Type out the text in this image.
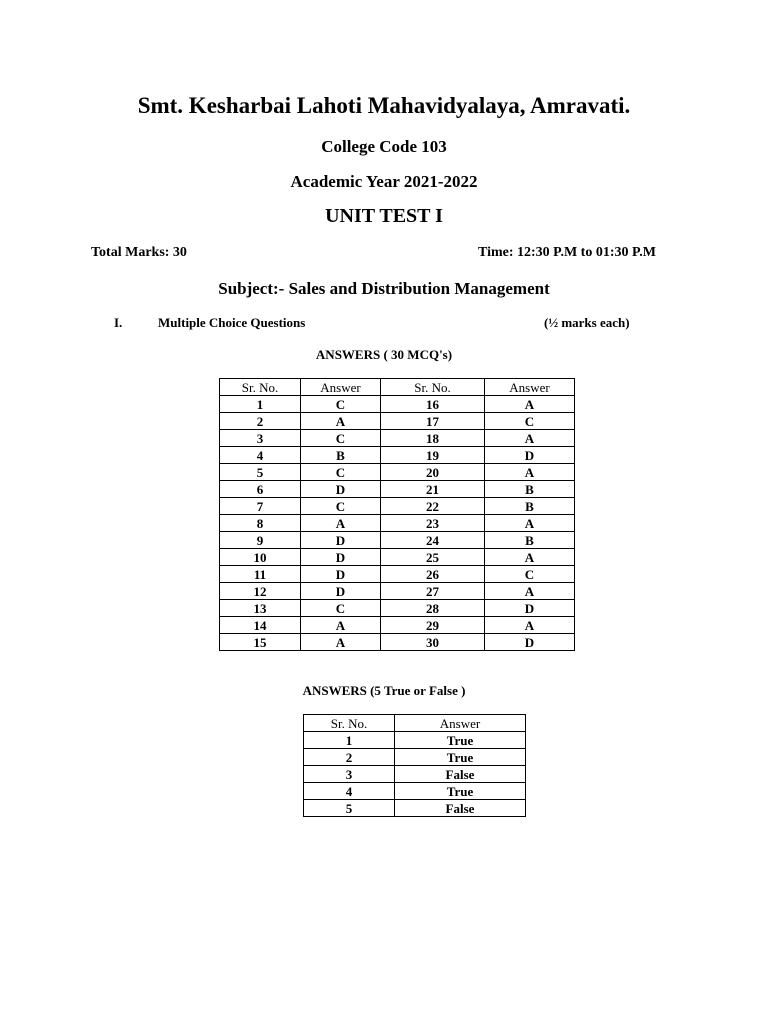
Smt. Kesharbai Lahoti Mahavidyalaya, Amravati.
College Code 103
Academic Year 2021-2022
UNIT TEST I
Total Marks: 30	Time: 12:30 P.M to 01:30 P.M
Subject:- Sales and Distribution Management
I.	Multiple Choice Questions	(½ marks each)
ANSWERS ( 30 MCQ's)
Sr. No.	Answer	Sr. No.	Answer
1	C	16	A
2	A	17	C
3	C	18	A
4	B	19	D
5	C	20	A
6	D	21	B
7	C	22	B
8	A	23	A
9	D	24	B
10	D	25	A
11	D	26	C
12	D	27	A
13	C	28	D
14	A	29	A
15	A	30	D
ANSWERS (5 True or False )
Sr. No.	Answer
1	True
2	True
3	False
4	True
5	False
